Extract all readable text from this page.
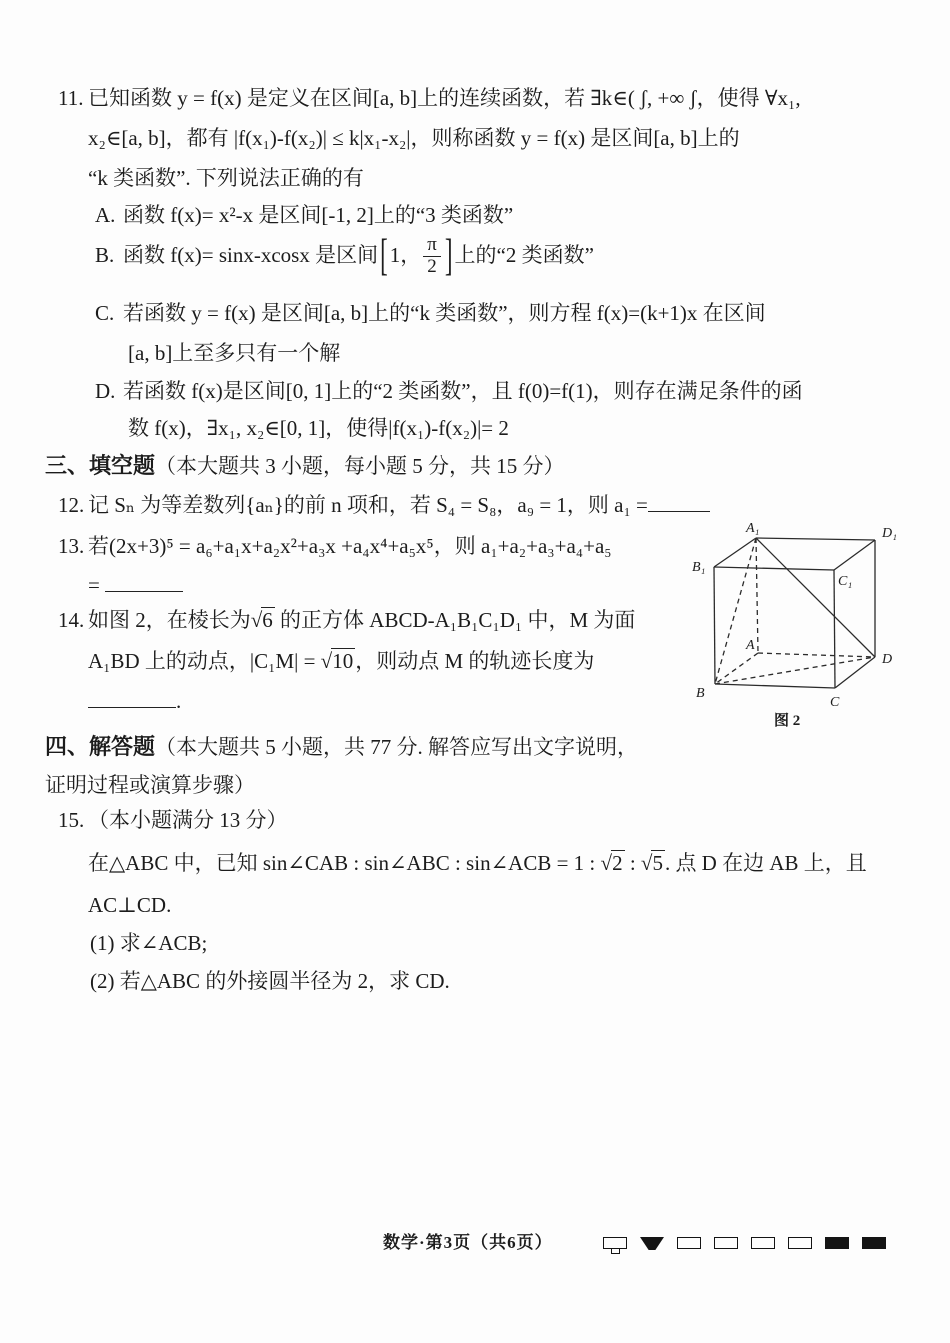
11. 已知函数 y = f(x) 是定义在区间[a, b]上的连续函数，若 ∃k∈( ʃ, +∞ ʃ，使得 ∀x₁,
x₂∈[a, b]，都有 |f(x₁)-f(x₂)| ≤ k|x₁-x₂|，则称函数 y = f(x) 是区间[a, b]上的
“k 类函数”. 下列说法正确的有
A. 函数 f(x)= x²-x 是区间[-1, 2]上的“3 类函数”
B. 函数 f(x)= sinx-xcosx 是区间 [ 1， $\frac{\pi}{2}$ ] 上的“2 类函数”
C. 若函数 y = f(x) 是区间[a, b]上的“k 类函数”，则方程 f(x)=(k+1)x 在区间
[a, b]上至多只有一个解
D. 若函数 f(x)是区间[0, 1]上的“2 类函数”，且 f(0)=f(1)，则存在满足条件的函
数 f(x)，∃x₁, x₂∈[0, 1]，使得|f(x₁)-f(x₂)|= 2
三、填空题（本大题共 3 小题，每小题 5 分，共 15 分）
12. 记 Sₙ 为等差数列{aₙ}的前 n 项和，若 S₄ = S₈，a₉ = 1，则 a₁ =
13. 若(2x+3)⁵ = a₆+a₁x+a₂x²+a₃x +a₄x⁴+a₅x⁵，则 a₁+a₂+a₃+a₄+a₅
=
14. 如图 2，在棱长为√6 的正方体 ABCD-A₁B₁C₁D₁ 中，M 为面
A₁BD 上的动点，|C₁M| = √10，则动点 M 的轨迹长度为
.
A₁	D₁
B₁
C₁
A
D
B
C
图 2
四、解答题（本大题共 5 小题，共 77 分. 解答应写出文字说明，
证明过程或演算步骤）
15. （本小题满分 13 分）
在△ABC 中，已知 sin∠CAB : sin∠ABC : sin∠ACB = 1 : √2 : √5. 点 D 在边 AB 上，且
AC⊥CD.
(1) 求∠ACB;
(2) 若△ABC 的外接圆半径为 2，求 CD.
数学·第3页（共6页）
